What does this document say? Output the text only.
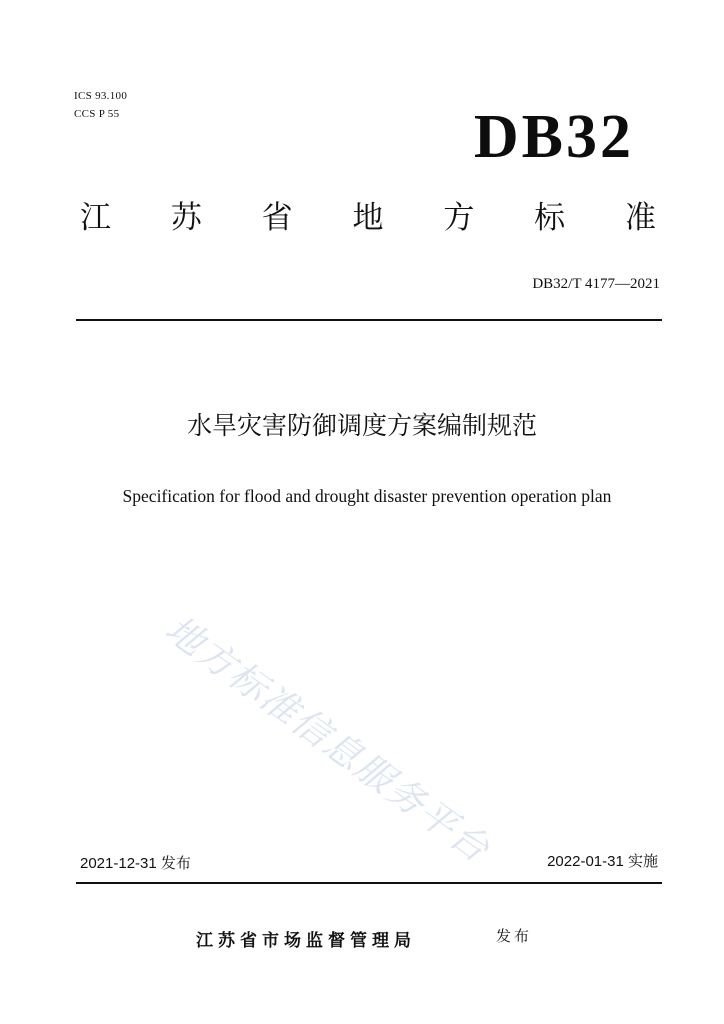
ICS 93.100
CCS P 55	DB32
江 苏 省 地 方 标 准
DB32/T 4177—2021
水旱灾害防御调度方案编制规范
Specification for flood and drought disaster prevention operation plan
地方标准信息服务平台
2021-12-31 发布	2022-01-31 实施
江苏省市场监督管理局	发布
